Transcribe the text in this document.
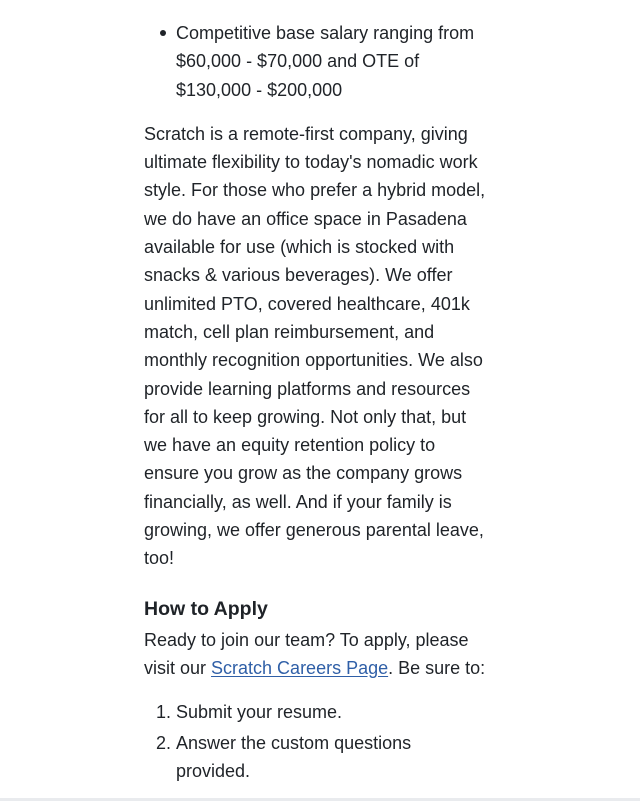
Competitive base salary ranging from
$60,000 - $70,000 and OTE of
$130,000 - $200,000

Scratch is a remote-first company, giving
ultimate flexibility to today's nomadic work
style. For those who prefer a hybrid model,
we do have an office space in Pasadena
available for use (which is stocked with
snacks & various beverages). We offer
unlimited PTO, covered healthcare, 401k
match, cell plan reimbursement, and
monthly recognition opportunities. We also
provide learning platforms and resources
for all to keep growing. Not only that, but
we have an equity retention policy to
ensure you grow as the company grows
financially, as well. And if your family is
growing, we offer generous parental leave,
too!

How to Apply

Ready to join our team? To apply, please
visit our Scratch Careers Page. Be sure to:

1. Submit your resume.
2. Answer the custom questions
provided.
